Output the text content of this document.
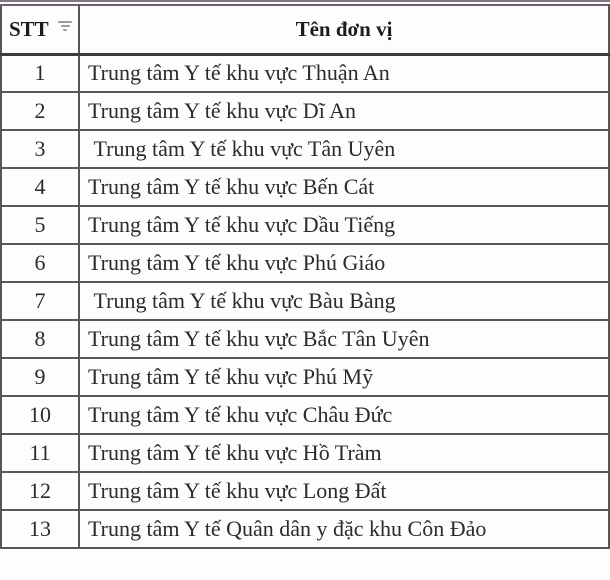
STT	Tên đơn vị
1	Trung tâm Y tế khu vực Thuận An
2	Trung tâm Y tế khu vực Dĩ An
3	Trung tâm Y tế khu vực Tân Uyên
4	Trung tâm Y tế khu vực Bến Cát
5	Trung tâm Y tế khu vực Dầu Tiếng
6	Trung tâm Y tế khu vực Phú Giáo
7	Trung tâm Y tế khu vực Bàu Bàng
8	Trung tâm Y tế khu vực Bắc Tân Uyên
9	Trung tâm Y tế khu vực Phú Mỹ
10	Trung tâm Y tế khu vực Châu Đức
11	Trung tâm Y tế khu vực Hồ Tràm
12	Trung tâm Y tế khu vực Long Đất
13	Trung tâm Y tế Quân dân y đặc khu Côn Đảo
